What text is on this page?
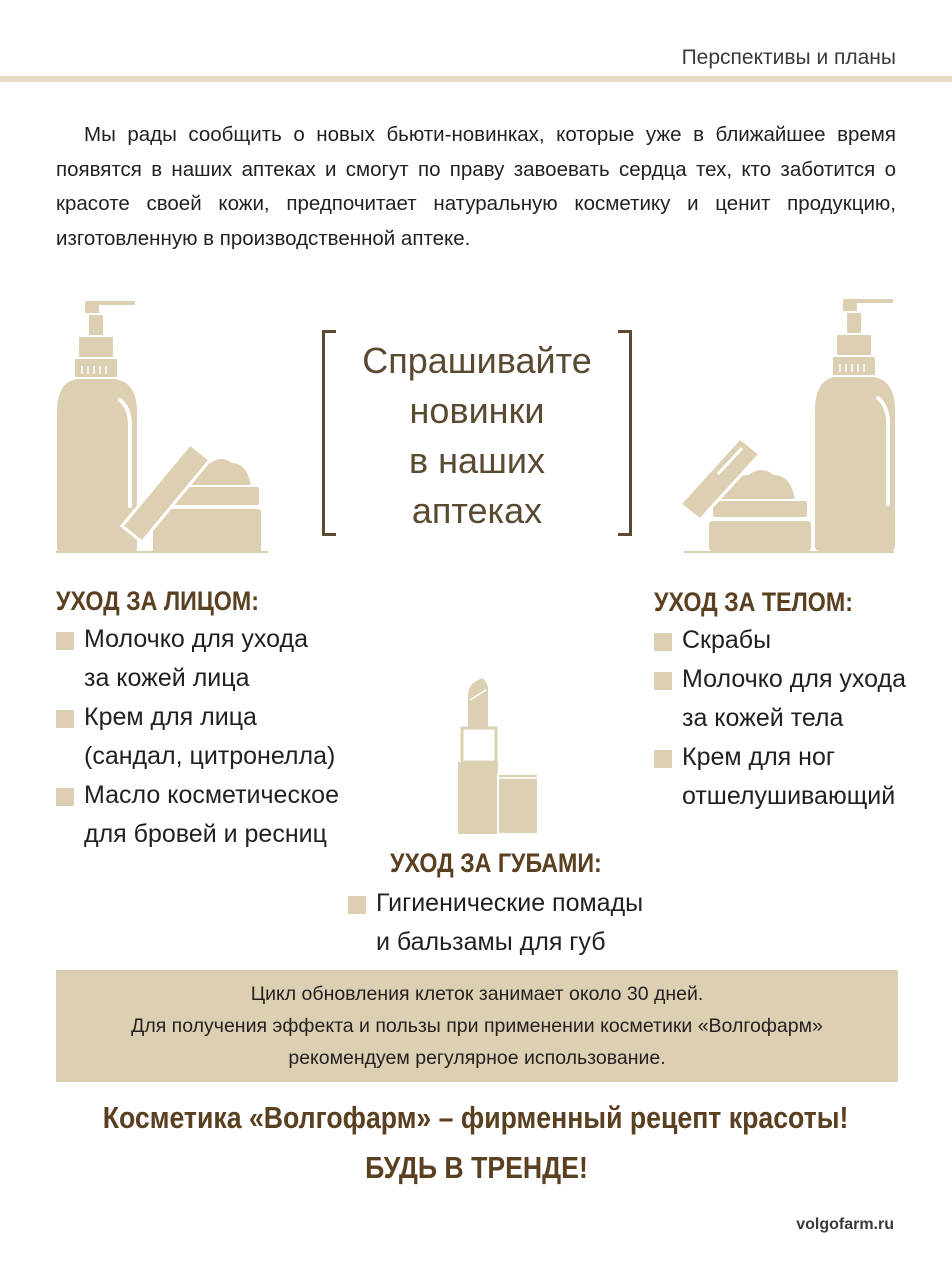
Перспективы и планы

Мы рады сообщить о новых бьюти-новинках, которые уже в ближайшее время появятся в наших аптеках и смогут по праву завоевать сердца тех, кто заботится о красоте своей кожи, предпочитает натуральную косметику и ценит продукцию, изготовленную в производственной аптеке.

Спрашивайте
новинки
в наших
аптеках
УХОД ЗА ЛИЦОМ:
Молочко для ухода
за кожей лица
Крем для лица
(сандал, цитронелла)
Масло косметическое
для бровей и ресниц
УХОД ЗА ТЕЛОМ:
Скрабы
Молочко для ухода
за кожей тела
Крем для ног
отшелушивающий
УХОД ЗА ГУБАМИ:
Гигиенические помады
и бальзамы для губ
Цикл обновления клеток занимает около 30 дней.
Для получения эффекта и пользы при применении косметики «Волгофарм»
рекомендуем регулярное использование.
Косметика «Волгофарм» – фирменный рецепт красоты!
БУДЬ В ТРЕНДЕ!
volgofarm.ru
